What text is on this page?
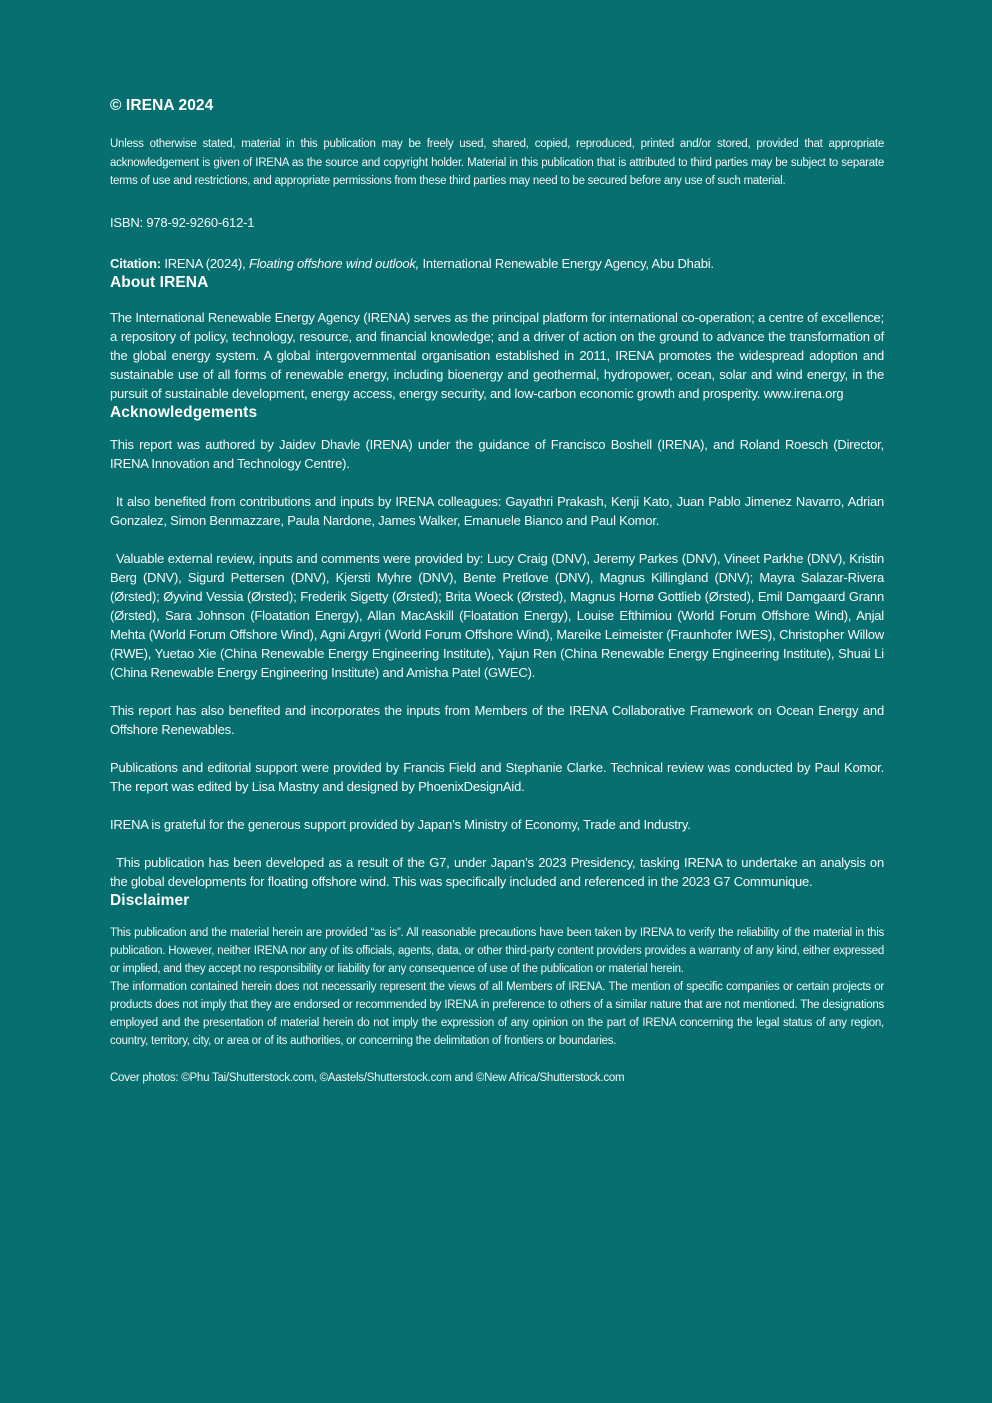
© IRENA 2024

Unless otherwise stated, material in this publication may be freely used, shared, copied, reproduced, printed and/or stored, provided that appropriate acknowledgement is given of IRENA as the source and copyright holder. Material in this publication that is attributed to third parties may be subject to separate terms of use and restrictions, and appropriate permissions from these third parties may need to be secured before any use of such material.

ISBN: 978-92-9260-612-1

Citation: IRENA (2024), Floating offshore wind outlook, International Renewable Energy Agency, Abu Dhabi.

About IRENA

The International Renewable Energy Agency (IRENA) serves as the principal platform for international co-operation; a centre of excellence; a repository of policy, technology, resource, and financial knowledge; and a driver of action on the ground to advance the transformation of the global energy system. A global intergovernmental organisation established in 2011, IRENA promotes the widespread adoption and sustainable use of all forms of renewable energy, including bioenergy and geothermal, hydropower, ocean, solar and wind energy, in the pursuit of sustainable development, energy access, energy security, and low-carbon economic growth and prosperity. www.irena.org

Acknowledgements

This report was authored by Jaidev Dhavle (IRENA) under the guidance of Francisco Boshell (IRENA), and Roland Roesch (Director, IRENA Innovation and Technology Centre).

It also benefited from contributions and inputs by IRENA colleagues: Gayathri Prakash, Kenji Kato, Juan Pablo Jimenez Navarro, Adrian Gonzalez, Simon Benmazzare, Paula Nardone, James Walker, Emanuele Bianco and Paul Komor.

Valuable external review, inputs and comments were provided by: Lucy Craig (DNV), Jeremy Parkes (DNV), Vineet Parkhe (DNV), Kristin Berg (DNV), Sigurd Pettersen (DNV), Kjersti Myhre (DNV), Bente Pretlove (DNV), Magnus Killingland (DNV); Mayra Salazar-Rivera (Ørsted); Øyvind Vessia (Ørsted); Frederik Sigetty (Ørsted); Brita Woeck (Ørsted), Magnus Hornø Gottlieb (Ørsted), Emil Damgaard Grann (Ørsted), Sara Johnson (Floatation Energy), Allan MacAskill (Floatation Energy), Louise Efthimiou (World Forum Offshore Wind), Anjal Mehta (World Forum Offshore Wind), Agni Argyri (World Forum Offshore Wind), Mareike Leimeister (Fraunhofer IWES), Christopher Willow (RWE), Yuetao Xie (China Renewable Energy Engineering Institute), Yajun Ren (China Renewable Energy Engineering Institute), Shuai Li (China Renewable Energy Engineering Institute) and Amisha Patel (GWEC).

This report has also benefited and incorporates the inputs from Members of the IRENA Collaborative Framework on Ocean Energy and Offshore Renewables.

Publications and editorial support were provided by Francis Field and Stephanie Clarke. Technical review was conducted by Paul Komor. The report was edited by Lisa Mastny and designed by PhoenixDesignAid.

IRENA is grateful for the generous support provided by Japan’s Ministry of Economy, Trade and Industry.

This publication has been developed as a result of the G7, under Japan’s 2023 Presidency, tasking IRENA to undertake an analysis on the global developments for floating offshore wind. This was specifically included and referenced in the 2023 G7 Communique.

Disclaimer

This publication and the material herein are provided “as is”. All reasonable precautions have been taken by IRENA to verify the reliability of the material in this publication. However, neither IRENA nor any of its officials, agents, data, or other third-party content providers provides a warranty of any kind, either expressed or implied, and they accept no responsibility or liability for any consequence of use of the publication or material herein.

The information contained herein does not necessarily represent the views of all Members of IRENA. The mention of specific companies or certain projects or products does not imply that they are endorsed or recommended by IRENA in preference to others of a similar nature that are not mentioned. The designations employed and the presentation of material herein do not imply the expression of any opinion on the part of IRENA concerning the legal status of any region, country, territory, city, or area or of its authorities, or concerning the delimitation of frontiers or boundaries.

Cover photos: ©Phu Tai/Shutterstock.com, ©Aastels/Shutterstock.com and ©New Africa/Shutterstock.com
